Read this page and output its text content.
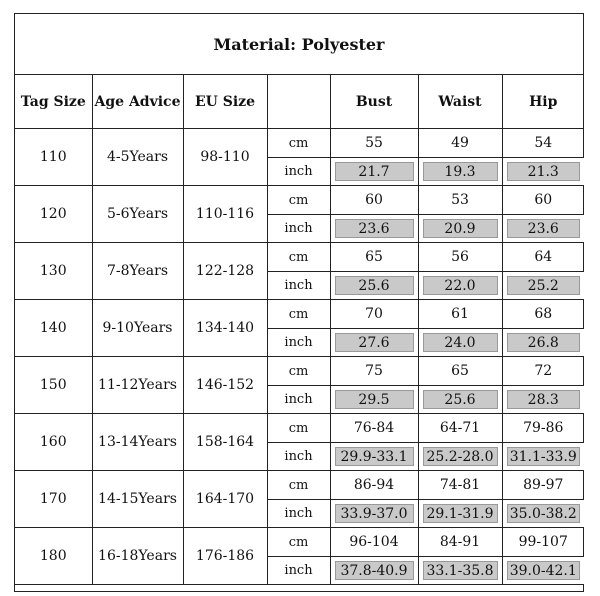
Material: Polyester
Tag Size	Age Advice	EU Size		Bust	Waist	Hip
110	4-5Years	98-110	cm	55	49	54
			inch	21.7	19.3	21.3
120	5-6Years	110-116	cm	60	53	60
			inch	23.6	20.9	23.6
130	7-8Years	122-128	cm	65	56	64
			inch	25.6	22.0	25.2
140	9-10Years	134-140	cm	70	61	68
			inch	27.6	24.0	26.8
150	11-12Years	146-152	cm	75	65	72
			inch	29.5	25.6	28.3
160	13-14Years	158-164	cm	76-84	64-71	79-86
			inch	29.9-33.1	25.2-28.0	31.1-33.9
170	14-15Years	164-170	cm	86-94	74-81	89-97
			inch	33.9-37.0	29.1-31.9	35.0-38.2
180	16-18Years	176-186	cm	96-104	84-91	99-107
			inch	37.8-40.9	33.1-35.8	39.0-42.1
